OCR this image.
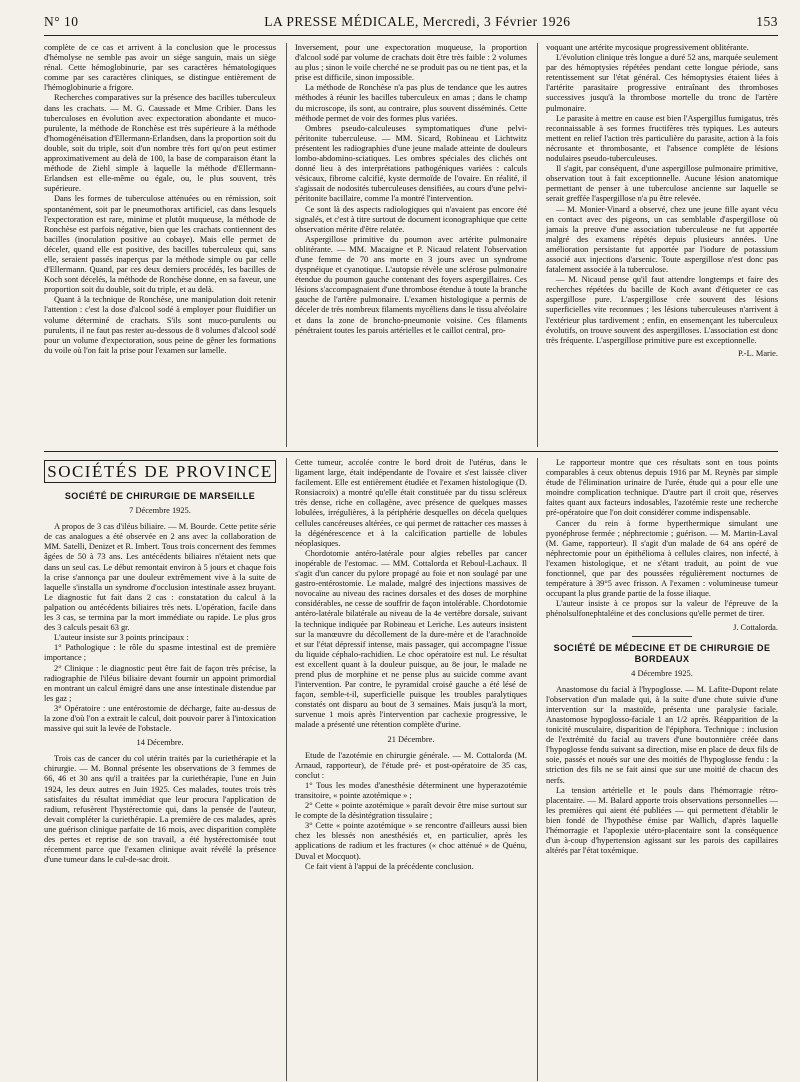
N° 10	LA PRESSE MÉDICALE, Mercredi, 3 Février 1926	153

complète de ce cas et arrivent à la conclusion que le processus d'hémolyse ne semble pas avoir un siège sanguin, mais un siège rénal. Cette hémoglobinurie, par ses caractères hématologiques comme par ses caractères cliniques, se distingue entièrement de l'hémoglobinurie a frigore.

Recherches comparatives sur la présence des bacilles tuberculeux dans les crachats. — M. G. Caussade et Mme Cribier. Dans les tuberculoses en évolution avec expectoration abondante et muco-purulente, la méthode de Ronchèse est très supérieure à la méthode d'homogénéisation d'Ellermann-Erlandsen, dans la proportion soit du double, soit du triple, soit d'un nombre très fort qu'on peut estimer approximativement au delà de 100, la base de comparaison étant la méthode de Ziehl simple à laquelle la méthode d'Ellermann-Erlandsen est elle-même ou égale, ou, le plus souvent, très supérieure.

Dans les formes de tuberculose atténuées ou en rémission, soit spontanément, soit par le pneumothorax artificiel, cas dans lesquels l'expectoration est rare, minime et plutôt muqueuse, la méthode de Ronchèse est parfois négative, bien que les crachats contiennent des bacilles (inoculation positive au cobaye). Mais elle permet de déceler, quand elle est positive, des bacilles tuberculeux qui, sans elle, seraient passés inaperçus par la méthode simple ou par celle d'Ellermann. Quand, par ces deux derniers procédés, les bacilles de Koch sont décelés, la méthode de Ronchèse donne, en sa faveur, une proportion soit du double, soit du triple, et au delà.

Quant à la technique de Ronchèse, une manipulation doit retenir l'attention : c'est la dose d'alcool sodé à employer pour fluidifier un volume déterminé de crachats. S'ils sont muco-purulents ou purulents, il ne faut pas rester au-dessous de 8 volumes d'alcool sodé pour un volume d'expectoration, sous peine de gêner les formations du voile où l'on fait la prise pour l'examen sur lamelle.

Inversement, pour une expectoration muqueuse, la proportion d'alcool sodé par volume de crachats doit être très faible : 2 volumes au plus ; sinon le voile cherché ne se produit pas ou ne tient pas, et la prise est difficile, sinon impossible.

La méthode de Ronchèse n'a pas plus de tendance que les autres méthodes à réunir les bacilles tuberculeux en amas ; dans le champ du microscope, ils sont, au contraire, plus souvent disséminés. Cette méthode permet de voir des formes plus variées.

Ombres pseudo-calculeuses symptomatiques d'une pelvi-péritonite tuberculeuse. — MM. Sicard, Robineau et Lichtwitz présentent les radiographies d'une jeune malade atteinte de douleurs lombo-abdomino-sciatiques. Les ombres spéciales des clichés ont donné lieu à des interprétations pathogéniques variées : calculs vésicaux, fibrome calcifié, kyste dermoïde de l'ovaire. En réalité, il s'agissait de nodosités tuberculeuses densifiées, au cours d'une pelvi-péritonite bacillaire, comme l'a montré l'intervention.

Ce sont là des aspects radiologiques qui n'avaient pas encore été signalés, et c'est à titre surtout de document iconographique que cette observation mérite d'être relatée.

Aspergillose primitive du poumon avec artérite pulmonaire oblitérante. — MM. Macaigne et P. Nicaud relatent l'observation d'une femme de 70 ans morte en 3 jours avec un syndrome dyspnéique et cyanotique. L'autopsie révèle une sclérose pulmonaire étendue du poumon gauche contenant des foyers aspergillaires. Ces lésions s'accompagnaient d'une thrombose étendue à toute la branche gauche de l'artère pulmonaire. L'examen histologique a permis de déceler de très nombreux filaments mycéliens dans le tissu alvéolaire et dans la zone de broncho-pneumonie voisine. Ces filaments pénétraient toutes les parois artérielles et le caillot central, pro-

voquant une artérite mycosique progressivement oblitérante.

L'évolution clinique très longue a duré 52 ans, marquée seulement par des hémoptysies répétées pendant cette longue période, sans retentissement sur l'état général. Ces hémoptysies étaient liées à l'artérite parasitaire progressive entraînant des thromboses successives jusqu'à la thrombose mortelle du tronc de l'artère pulmonaire.

Le parasite à mettre en cause est bien l'Aspergillus fumigatus, très reconnaissable à ses formes fructifères très typiques. Les auteurs mettent en relief l'action très particulière du parasite, action à la fois nécrosante et thrombosante, et l'absence complète de lésions nodulaires pseudo-tuberculeuses.

Il s'agit, par conséquent, d'une aspergillose pulmonaire primitive, observation tout à fait exceptionnelle. Aucune lésion anatomique permettant de penser à une tuberculose ancienne sur laquelle se serait greffée l'aspergillose n'a pu être relevée.

— M. Monier-Vinard a observé, chez une jeune fille ayant vécu en contact avec des pigeons, un cas semblable d'aspergillose où jamais la preuve d'une association tuberculeuse ne fut apportée malgré des examens répétés depuis plusieurs années. Une amélioration persistante fut apportée par l'iodure de potassium associé aux injections d'arsenic. Toute aspergillose n'est donc pas fatalement associée à la tuberculose.

— M. Nicaud pense qu'il faut attendre longtemps et faire des recherches répétées du bacille de Koch avant d'étiqueter ce cas aspergillose pure. L'aspergillose crée souvent des lésions superficielles vite reconnues ; les lésions tuberculeuses n'arrivent à l'extérieur plus tardivement ; enfin, en ensemençant les tuberculeux évolutifs, on trouve souvent des aspergilloses. L'association est donc très fréquente. L'aspergillose primitive pure est exceptionnelle.

P.-L. Marie.

SOCIÉTÉS DE PROVINCE
SOCIÉTÉ DE CHIRURGIE DE MARSEILLE

7 Décembre 1925.

A propos de 3 cas d'iléus biliaire. — M. Bourde. Cette petite série de cas analogues a été observée en 2 ans avec la collaboration de MM. Satelli, Denizet et R. Imbert. Tous trois concernent des femmes âgées de 50 à 73 ans. Les antécédents biliaires n'étaient nets que dans un seul cas. Le début remontait environ à 5 jours et chaque fois la crise s'annonça par une douleur extrêmement vive à la suite de laquelle s'installa un syndrome d'occlusion intestinale assez bruyant. Le diagnostic fut fait dans 2 cas : constatation du calcul à la palpation ou antécédents biliaires très nets. L'opération, facile dans les 3 cas, se termina par la mort immédiate ou rapide. Le plus gros des 3 calculs pesait 63 gr.

L'auteur insiste sur 3 points principaux :

1° Pathologique : le rôle du spasme intestinal est de première importance ;

2° Clinique : le diagnostic peut être fait de façon très précise, la radiographie de l'iléus biliaire devant fournir un appoint primordial en montrant un calcul émigré dans une anse intestinale distendue par les gaz ;

3° Opératoire : une entérostomie de décharge, faite au-dessus de la zone d'où l'on a extrait le calcul, doit pouvoir parer à l'intoxication massive qui suit la levée de l'obstacle.

14 Décembre.

Trois cas de cancer du col utérin traités par la curiethérapie et la chirurgie. — M. Bonnal présente les observations de 3 femmes de 66, 46 et 30 ans qu'il a traitées par la curiethérapie, l'une en Juin 1924, les deux autres en Juin 1925. Ces malades, toutes trois très satisfaites du résultat immédiat que leur procura l'application de radium, refusèrent l'hystérectomie qui, dans la pensée de l'auteur, devait compléter la curiethérapie. La première de ces malades, après une guérison clinique parfaite de 16 mois, avec disparition complète des pertes et reprise de son travail, a été hystérectomisée tout récemment parce que l'examen clinique avait révélé la présence d'une tumeur dans le cul-de-sac droit.

Cette tumeur, accolée contre le bord droit de l'utérus, dans le ligament large, était indépendante de l'ovaire et s'est laissée cliver facilement. Elle est entièrement étudiée et l'examen histologique (D. Ronsiacroix) a montré qu'elle était constituée par du tissu scléreux très dense, riche en collagène, avec présence de quelques masses lobulées, irrégulières, à la périphérie desquelles on décela quelques cellules cancéreuses altérées, ce qui permet de rattacher ces masses à la dégénérescence et à la calcification partielle de lobules néoplasiques.

Chordotomie antéro-latérale pour algies rebelles par cancer inopérable de l'estomac. — MM. Cottalorda et Reboul-Lachaux. Il s'agit d'un cancer du pylore propagé au foie et non soulagé par une gastro-entérostomie. Le malade, malgré des injections massives de novocaïne au niveau des racines dorsales et des doses de morphine considérables, ne cesse de souffrir de façon intolérable. Chordotomie antéro-latérale bilatérale au niveau de la 4e vertèbre dorsale, suivant la technique indiquée par Robineau et Leriche. Les auteurs insistent sur la manœuvre du décollement de la dure-mère et de l'arachnoïde et sur l'état dépressif intense, mais passager, qui accompagne l'issue du liquide céphalo-rachidien. Le choc opératoire est nul. Le résultat est excellent quant à la douleur puisque, au 8e jour, le malade ne prend plus de morphine et ne pense plus au suicide comme avant l'intervention. Par contre, le pyramidal croisé gauche a été lésé de façon, semble-t-il, superficielle puisque les troubles paralytiques constatés ont disparu au bout de 3 semaines. Mais jusqu'à la mort, survenue 1 mois après l'intervention par cachexie progressive, le malade a présenté une rétention complète d'urine.

21 Décembre.

Etude de l'azotémie en chirurgie générale. — M. Cottalorda (M. Arnaud, rapporteur), de l'étude pré- et post-opératoire de 35 cas, conclut :

1° Tous les modes d'anesthésie déterminent une hyperazotémie transitoire, « pointe azotémique » ;

2° Cette « pointe azotémique » paraît devoir être mise surtout sur le compte de la désintégration tissulaire ;

3° Cette « pointe azotémique » se rencontre d'ailleurs aussi bien chez les blessés non anesthésiés et, en particulier, après les applications de radium et les fractures (« choc atténué » de Quénu, Duval et Mocquot).

Ce fait vient à l'appui de la précédente conclusion.

Le rapporteur montre que ces résultats sont en tous points comparables à ceux obtenus depuis 1916 par M. Reynès par simple étude de l'élimination urinaire de l'urée, étude qui a pour elle une moindre complication technique. D'autre part il croit que, réserves faites quant aux facteurs indosables, l'azotémie reste une recherche pré-opératoire que l'on doit considérer comme indispensable.

Cancer du rein à forme hyperthermique simulant une pyonéphrose fermée ; néphrectomie ; guérison. — M. Martin-Laval (M. Game, rapporteur). Il s'agit d'un malade de 64 ans opéré de néphrectomie pour un épithélioma à cellules claires, non infecté, à l'examen histologique, et ne s'étant traduit, au point de vue fonctionnel, que par des poussées régulièrement nocturnes de température à 39°5 avec frisson. A l'examen : volumineuse tumeur occupant la plus grande partie de la fosse iliaque.

L'auteur insiste à ce propos sur la valeur de l'épreuve de la phénolsulfonephtaléine et des conclusions qu'elle permet de tirer.

J. Cottalorda.

SOCIÉTÉ DE MÉDECINE ET DE CHIRURGIE DE BORDEAUX

4 Décembre 1925.

Anastomose du facial à l'hypoglosse. — M. Lafite-Dupont relate l'observation d'un malade qui, à la suite d'une chute suivie d'une intervention sur la mastoïde, présenta une paralysie faciale. Anastomose hypoglosso-faciale 1 an 1/2 après. Réapparition de la tonicité musculaire, disparition de l'épiphora. Technique : inclusion de l'extrémité du facial au travers d'une boutonnière créée dans l'hypoglosse fendu suivant sa direction, mise en place de deux fils de soie, passés et noués sur une des moitiés de l'hypoglosse fendu : la striction des fils ne se fait ainsi que sur une moitié de chacun des nerfs.

La tension artérielle et le pouls dans l'hémorragie rétro-placentaire. — M. Balard apporte trois observations personnelles — les premières qui aient été publiées — qui permettent d'établir le bien fondé de l'hypothèse émise par Wallich, d'après laquelle l'hémorragie et l'apoplexie utéro-placentaire sont la conséquence d'un à-coup d'hypertension agissant sur les parois des capillaires altérés par l'état toxémique.
